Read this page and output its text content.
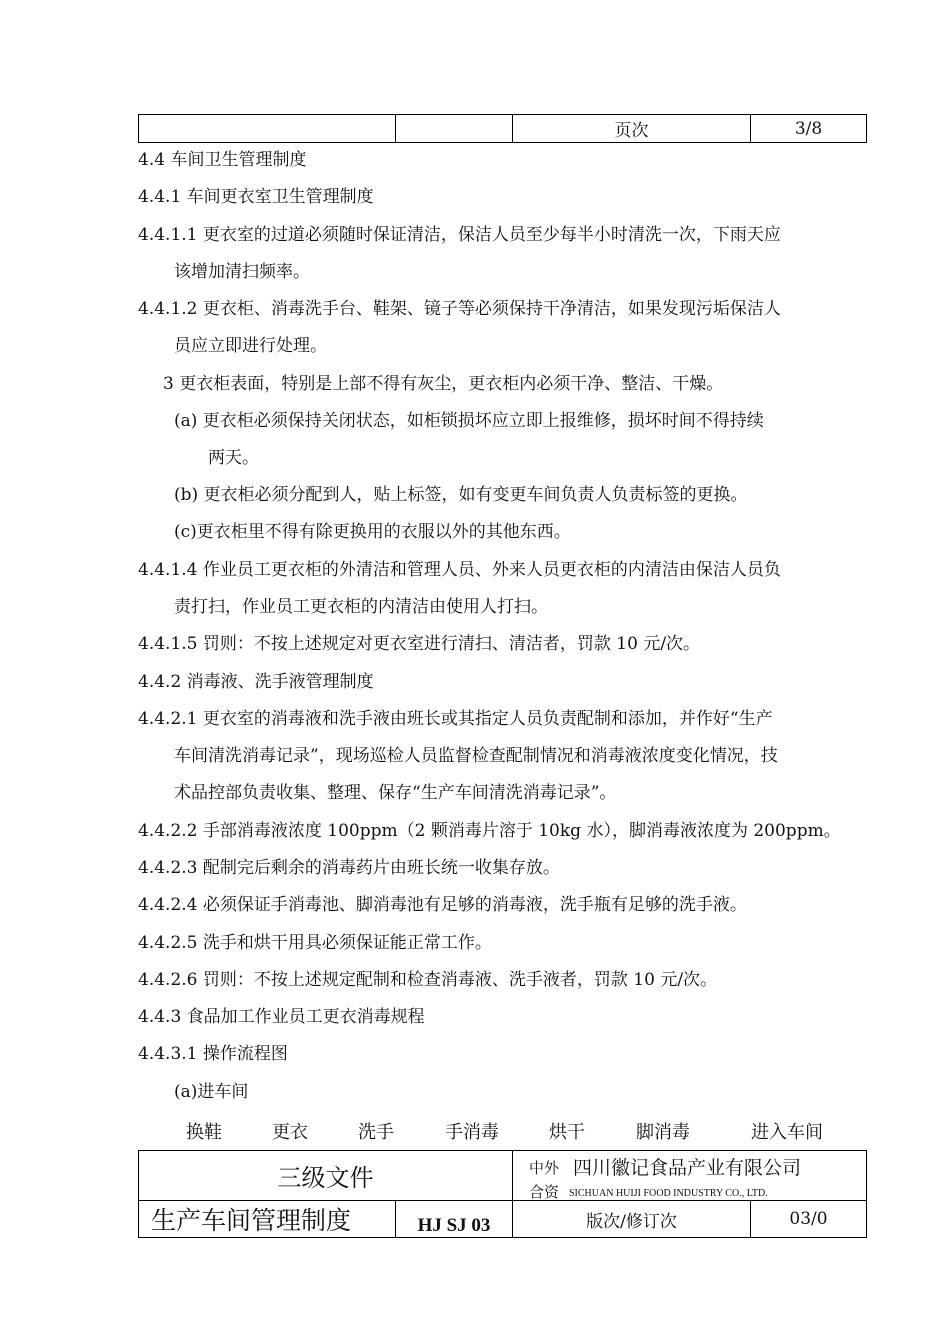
		页次	3/8
4.4 车间卫生管理制度
4.4.1 车间更衣室卫生管理制度
4.4.1.1 更衣室的过道必须随时保证清洁，保洁人员至少每半小时清洗一次，下雨天应
该增加清扫频率。
4.4.1.2 更衣柜、消毒洗手台、鞋架、镜子等必须保持干净清洁，如果发现污垢保洁人
员应立即进行处理。
3 更衣柜表面，特别是上部不得有灰尘，更衣柜内必须干净、整洁、干燥。
(a) 更衣柜必须保持关闭状态，如柜锁损坏应立即上报维修，损坏时间不得持续
两天。
(b) 更衣柜必须分配到人，贴上标签，如有变更车间负责人负责标签的更换。
(c)更衣柜里不得有除更换用的衣服以外的其他东西。
4.4.1.4 作业员工更衣柜的外清洁和管理人员、外来人员更衣柜的内清洁由保洁人员负
责打扫，作业员工更衣柜的内清洁由使用人打扫。
4.4.1.5 罚则：不按上述规定对更衣室进行清扫、清洁者，罚款 10 元/次。
4.4.2 消毒液、洗手液管理制度
4.4.2.1 更衣室的消毒液和洗手液由班长或其指定人员负责配制和添加，并作好“生产
车间清洗消毒记录”，现场巡检人员监督检查配制情况和消毒液浓度变化情况，技
术品控部负责收集、整理、保存“生产车间清洗消毒记录”。
4.4.2.2 手部消毒液浓度 100ppm（2 颗消毒片溶于 10kg 水），脚消毒液浓度为 200ppm。
4.4.2.3 配制完后剩余的消毒药片由班长统一收集存放。
4.4.2.4 必须保证手消毒池、脚消毒池有足够的消毒液，洗手瓶有足够的洗手液。
4.4.2.5 洗手和烘干用具必须保证能正常工作。
4.4.2.6 罚则：不按上述规定配制和检查消毒液、洗手液者，罚款 10 元/次。
4.4.3 食品加工作业员工更衣消毒规程
4.4.3.1 操作流程图
(a)进车间
换鞋	更衣	洗手	手消毒	烘干	脚消毒	进入车间
三级文件		中外
合资
四川徽记食品产业有限公司
SICHUAN HUIJI FOOD INDUSTRY CO., LTD.	

生产车间管理制度	HJ SJ 03	版次/修订次	03/0
